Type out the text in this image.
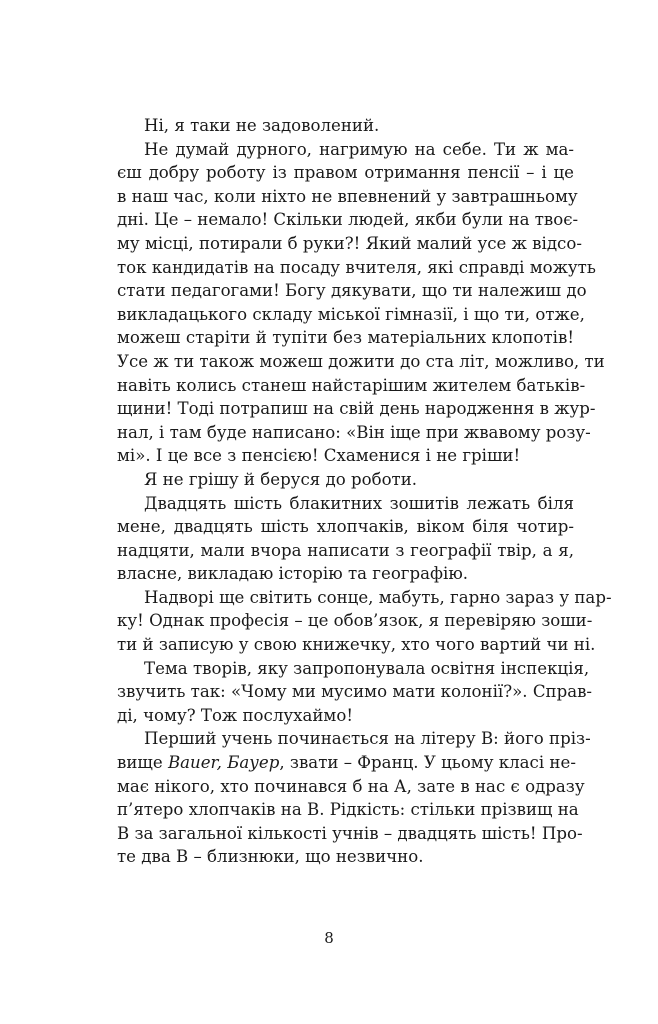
Ні, я таки не задоволений.
Не думай дурного, нагримую на себе. Ти ж ма-
єш добру роботу із правом отримання пенсії – і це
в наш час, коли ніхто не впевнений у завтрашньому
дні. Це – немало! Скільки людей, якби були на твоє-
му місці, потирали б руки?! Який малий усе ж відсо-
ток кандидатів на посаду вчителя, які справді можуть
стати педагогами! Богу дякувати, що ти належиш до
викладацького складу міської гімназії, і що ти, отже,
можеш старіти й тупіти без матеріальних клопотів!
Усе ж ти також можеш дожити до ста літ, можливо, ти
навіть колись станеш найстарішим жителем батьків-
щини! Тоді потрапиш на свій день народження в жур-
нал, і там буде написано: «Він іще при жвавому розу-
мі». І це все з пенсією! Схаменися і не гріши!
Я не грішу й беруся до роботи.
Двадцять шість блакитних зошитів лежать біля
мене, двадцять шість хлопчаків, віком біля чотир-
надцяти, мали вчора написати з географії твір, а я,
власне, викладаю історію та географію.
Надворі ще світить сонце, мабуть, гарно зараз у пар-
ку! Однак професія – це обов’язок, я перевіряю зоши-
ти й записую у свою книжечку, хто чого вартий чи ні.
Тема творів, яку запропонувала освітня інспекція,
звучить так: «Чому ми мусимо мати колонії?». Справ-
ді, чому? Тож послухаймо!
Перший учень починається на літеру В: його пріз-
вище Bauer, Бауер, звати – Франц. У цьому класі не-
має нікого, хто починався б на А, зате в нас є одразу
п’ятеро хлопчаків на В. Рідкість: стільки прізвищ на
В за загальної кількості учнів – двадцять шість! Про-
те два В – близнюки, що незвично.
8
